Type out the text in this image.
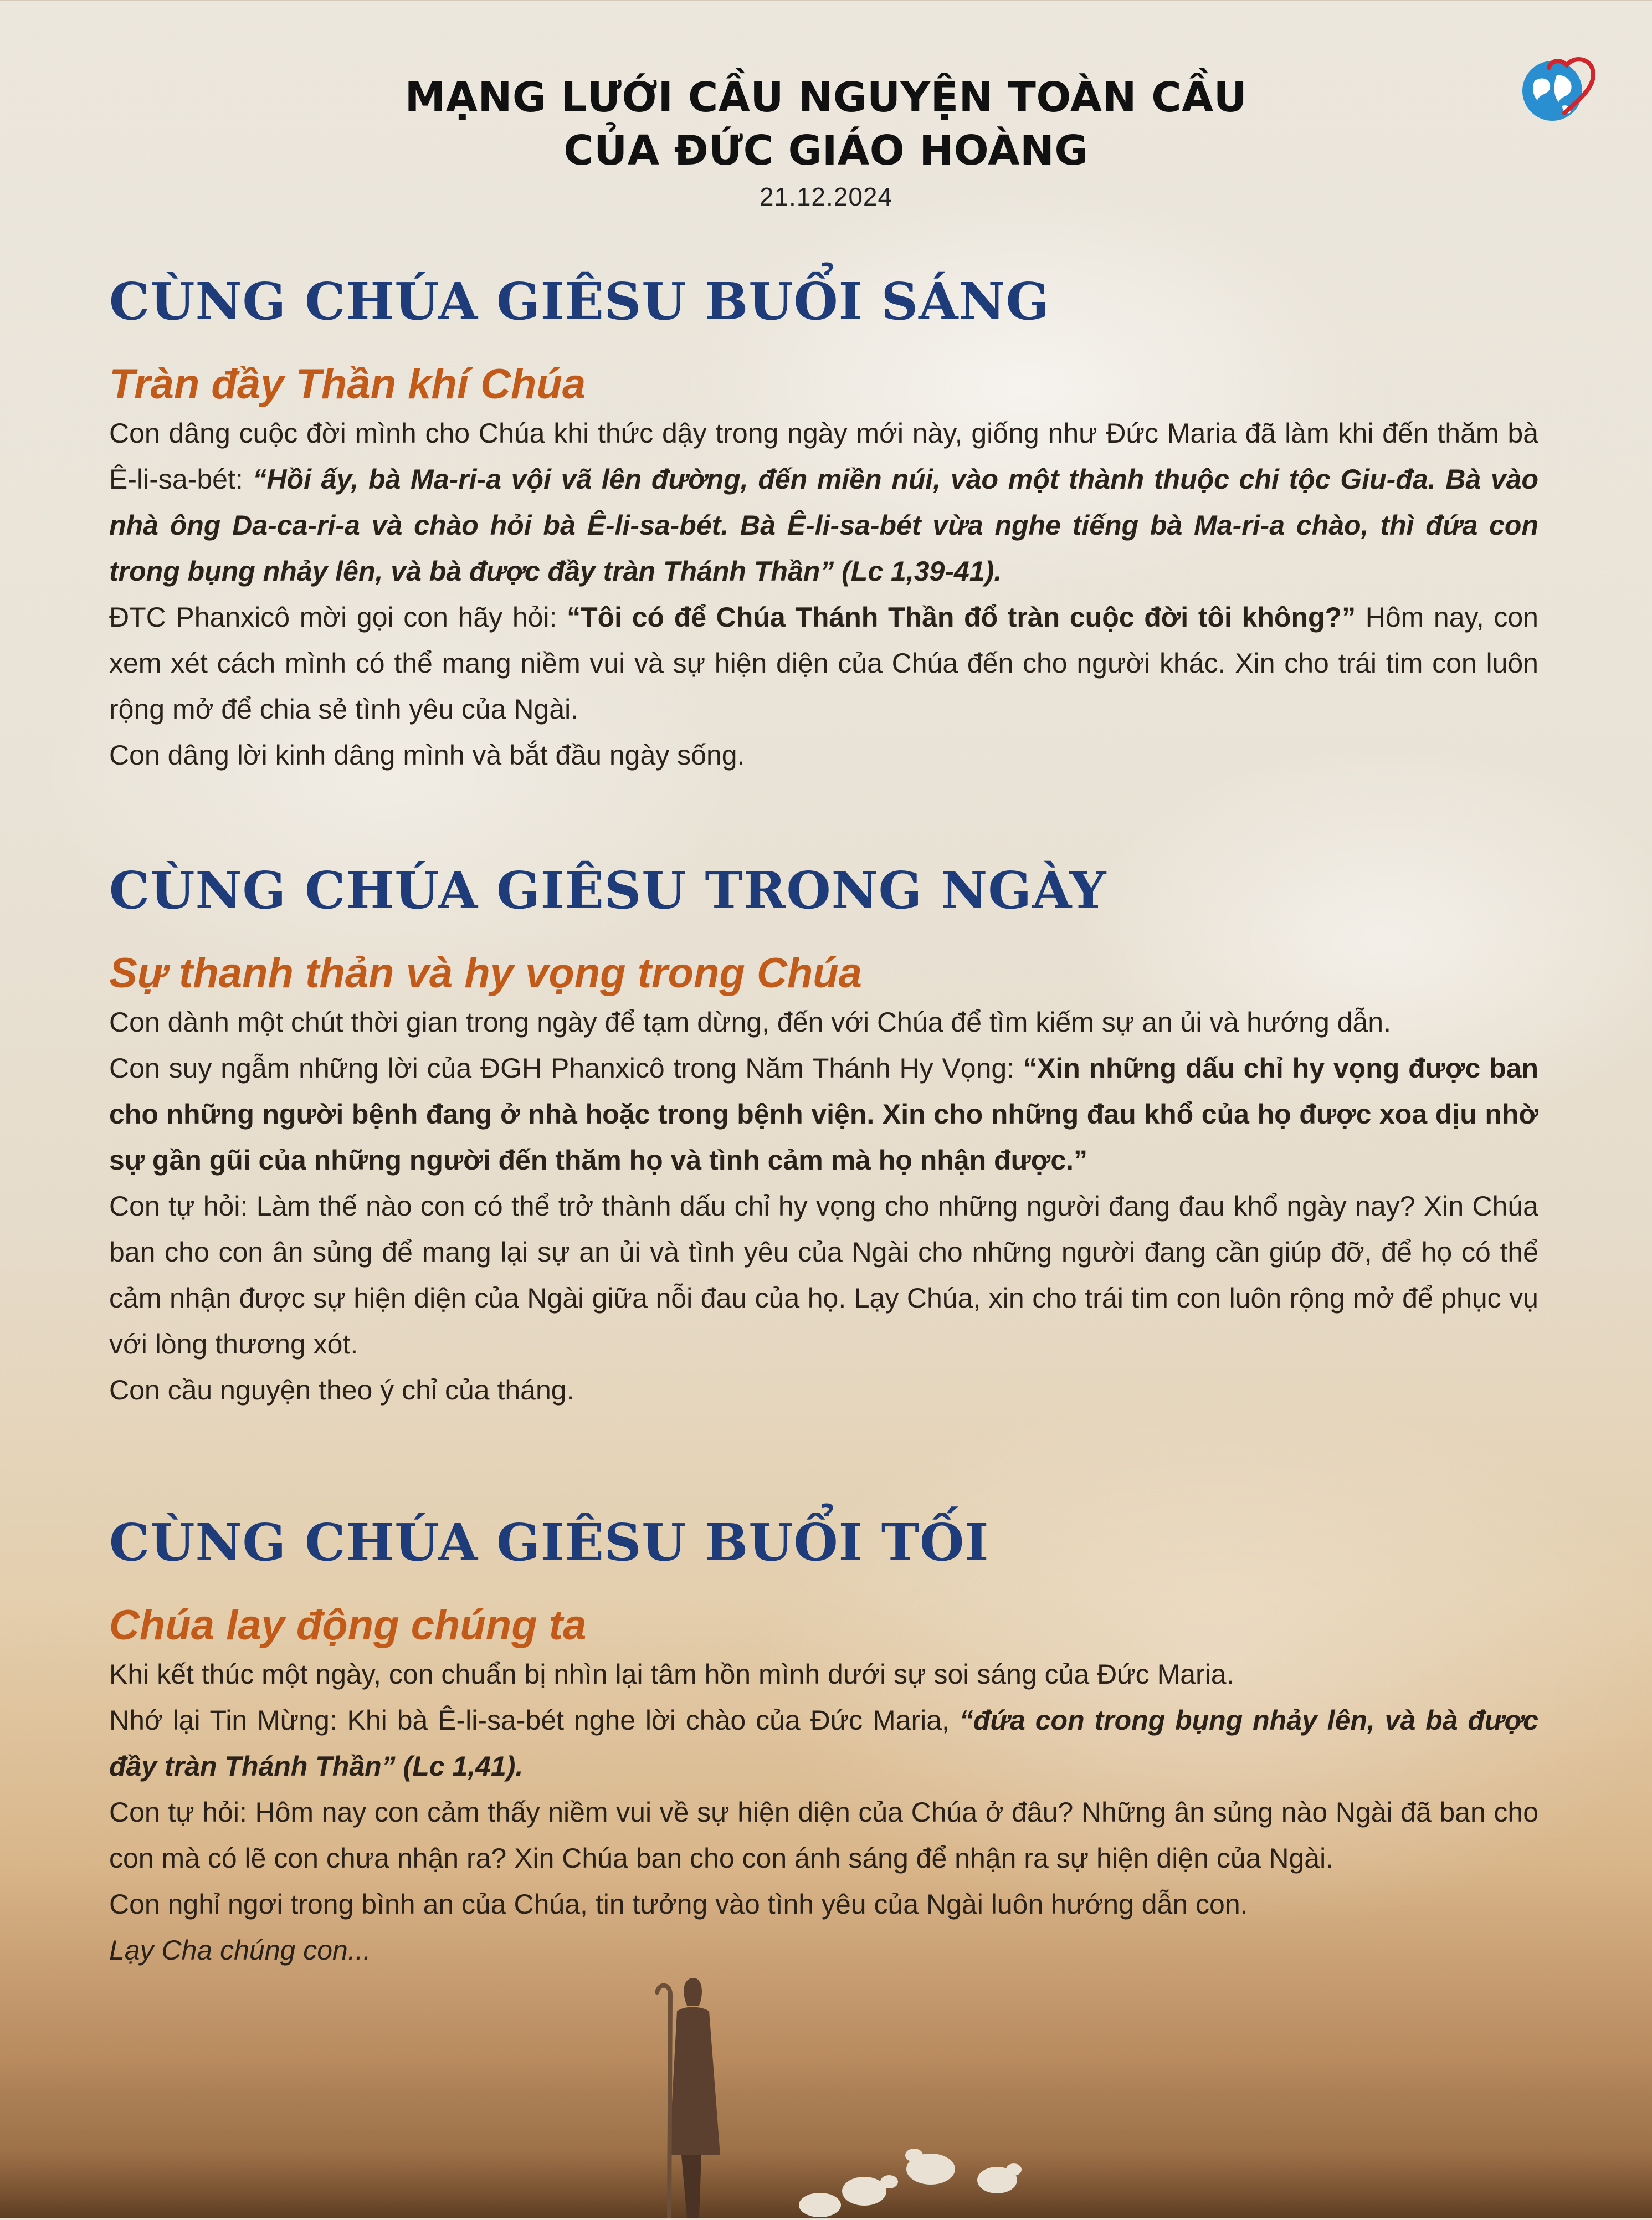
MẠNG LƯỚI CẦU NGUYỆN TOÀN CẦU
CỦA ĐỨC GIÁO HOÀNG
21.12.2024
CÙNG CHÚA GIÊSU BUỔI SÁNG
Tràn đầy Thần khí Chúa

Con dâng cuộc đời mình cho Chúa khi thức dậy trong ngày mới này, giống như Đức Maria đã làm khi đến thăm bà Ê-li-sa-bét: “Hồi ấy, bà Ma-ri-a vội vã lên đường, đến miền núi, vào một thành thuộc chi tộc Giu-đa. Bà vào nhà ông Da-ca-ri-a và chào hỏi bà Ê-li-sa-bét. Bà Ê-li-sa-bét vừa nghe tiếng bà Ma-ri-a chào, thì đứa con trong bụng nhảy lên, và bà được đầy tràn Thánh Thần” (Lc 1,39-41).

ĐTC Phanxicô mời gọi con hãy hỏi: “Tôi có để Chúa Thánh Thần đổ tràn cuộc đời tôi không?” Hôm nay, con xem xét cách mình có thể mang niềm vui và sự hiện diện của Chúa đến cho người khác. Xin cho trái tim con luôn rộng mở để chia sẻ tình yêu của Ngài.

Con dâng lời kinh dâng mình và bắt đầu ngày sống.

CÙNG CHÚA GIÊSU TRONG NGÀY
Sự thanh thản và hy vọng trong Chúa

Con dành một chút thời gian trong ngày để tạm dừng, đến với Chúa để tìm kiếm sự an ủi và hướng dẫn.

Con suy ngẫm những lời của ĐGH Phanxicô trong Năm Thánh Hy Vọng: “Xin những dấu chỉ hy vọng được ban cho những người bệnh đang ở nhà hoặc trong bệnh viện. Xin cho những đau khổ của họ được xoa dịu nhờ sự gần gũi của những người đến thăm họ và tình cảm mà họ nhận được.”

Con tự hỏi: Làm thế nào con có thể trở thành dấu chỉ hy vọng cho những người đang đau khổ ngày nay? Xin Chúa ban cho con ân sủng để mang lại sự an ủi và tình yêu của Ngài cho những người đang cần giúp đỡ, để họ có thể cảm nhận được sự hiện diện của Ngài giữa nỗi đau của họ. Lạy Chúa, xin cho trái tim con luôn rộng mở để phục vụ với lòng thương xót.

Con cầu nguyện theo ý chỉ của tháng.

CÙNG CHÚA GIÊSU BUỔI TỐI
Chúa lay động chúng ta

Khi kết thúc một ngày, con chuẩn bị nhìn lại tâm hồn mình dưới sự soi sáng của Đức Maria.

Nhớ lại Tin Mừng: Khi bà Ê-li-sa-bét nghe lời chào của Đức Maria, “đứa con trong bụng nhảy lên, và bà được đầy tràn Thánh Thần” (Lc 1,41).

Con tự hỏi: Hôm nay con cảm thấy niềm vui về sự hiện diện của Chúa ở đâu? Những ân sủng nào Ngài đã ban cho con mà có lẽ con chưa nhận ra? Xin Chúa ban cho con ánh sáng để nhận ra sự hiện diện của Ngài.

Con nghỉ ngơi trong bình an của Chúa, tin tưởng vào tình yêu của Ngài luôn hướng dẫn con.

Lạy Cha chúng con...
